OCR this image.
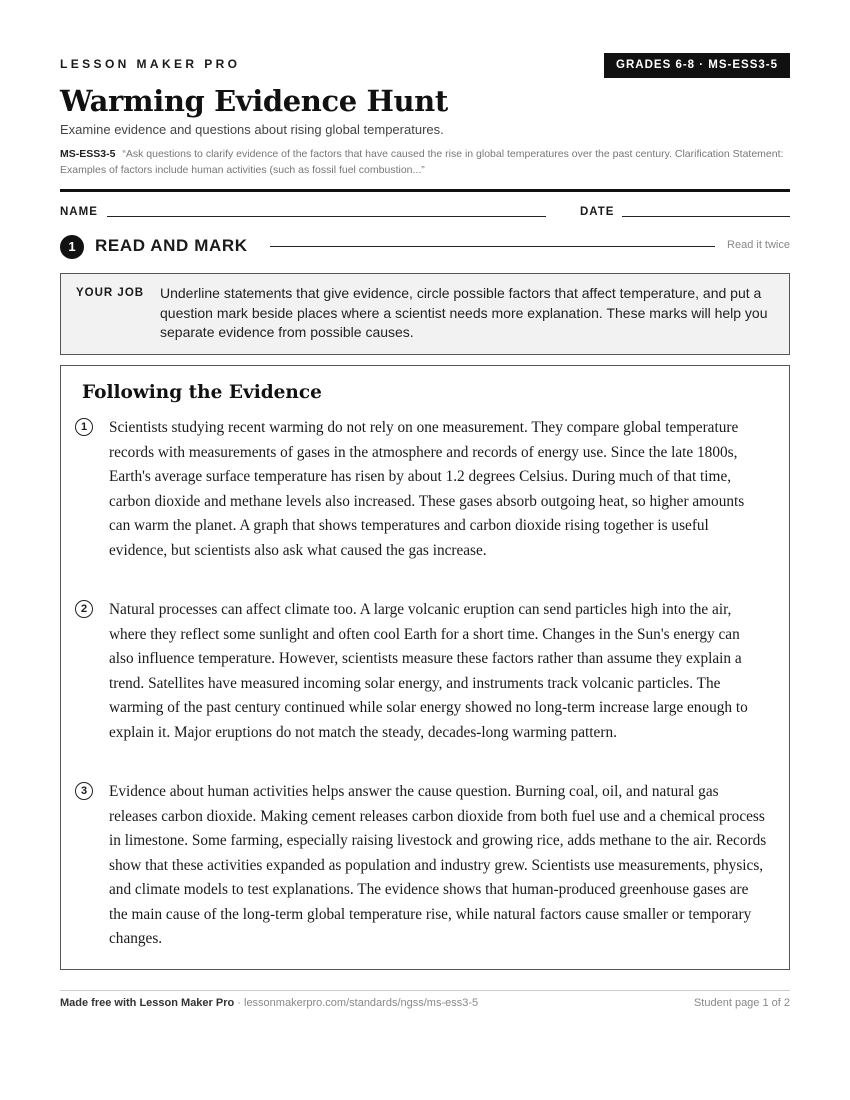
LESSON MAKER PRO	GRADES 6-8 · MS-ESS3-5
Warming Evidence Hunt
Examine evidence and questions about rising global temperatures.
MS-ESS3-5 “Ask questions to clarify evidence of the factors that have caused the rise in global temperatures over the past century. Clarification Statement: Examples of factors include human activities (such as fossil fuel combustion...”
NAME	DATE
1	READ AND MARK	Read it twice
YOUR JOB Underline statements that give evidence, circle possible factors that affect temperature, and put a question mark beside places where a scientist needs more explanation. These marks will help you separate evidence from possible causes.
Following the Evidence
1	Scientists studying recent warming do not rely on one measurement. They compare global temperature records with measurements of gases in the atmosphere and records of energy use. Since the late 1800s, Earth's average surface temperature has risen by about 1.2 degrees Celsius. During much of that time, carbon dioxide and methane levels also increased. These gases absorb outgoing heat, so higher amounts can warm the planet. A graph that shows temperatures and carbon dioxide rising together is useful evidence, but scientists also ask what caused the gas increase.

2	Natural processes can affect climate too. A large volcanic eruption can send particles high into the air, where they reflect some sunlight and often cool Earth for a short time. Changes in the Sun's energy can also influence temperature. However, scientists measure these factors rather than assume they explain a trend. Satellites have measured incoming solar energy, and instruments track volcanic particles. The warming of the past century continued while solar energy showed no long-term increase large enough to explain it. Major eruptions do not match the steady, decades-long warming pattern.

3	Evidence about human activities helps answer the cause question. Burning coal, oil, and natural gas releases carbon dioxide. Making cement releases carbon dioxide from both fuel use and a chemical process in limestone. Some farming, especially raising livestock and growing rice, adds methane to the air. Records show that these activities expanded as population and industry grew. Scientists use measurements, physics, and climate models to test explanations. The evidence shows that human-produced greenhouse gases are the main cause of the long-term global temperature rise, while natural factors cause smaller or temporary changes.

Made free with Lesson Maker Pro · lessonmakerpro.com/standards/ngss/ms-ess3-5	Student page 1 of 2
